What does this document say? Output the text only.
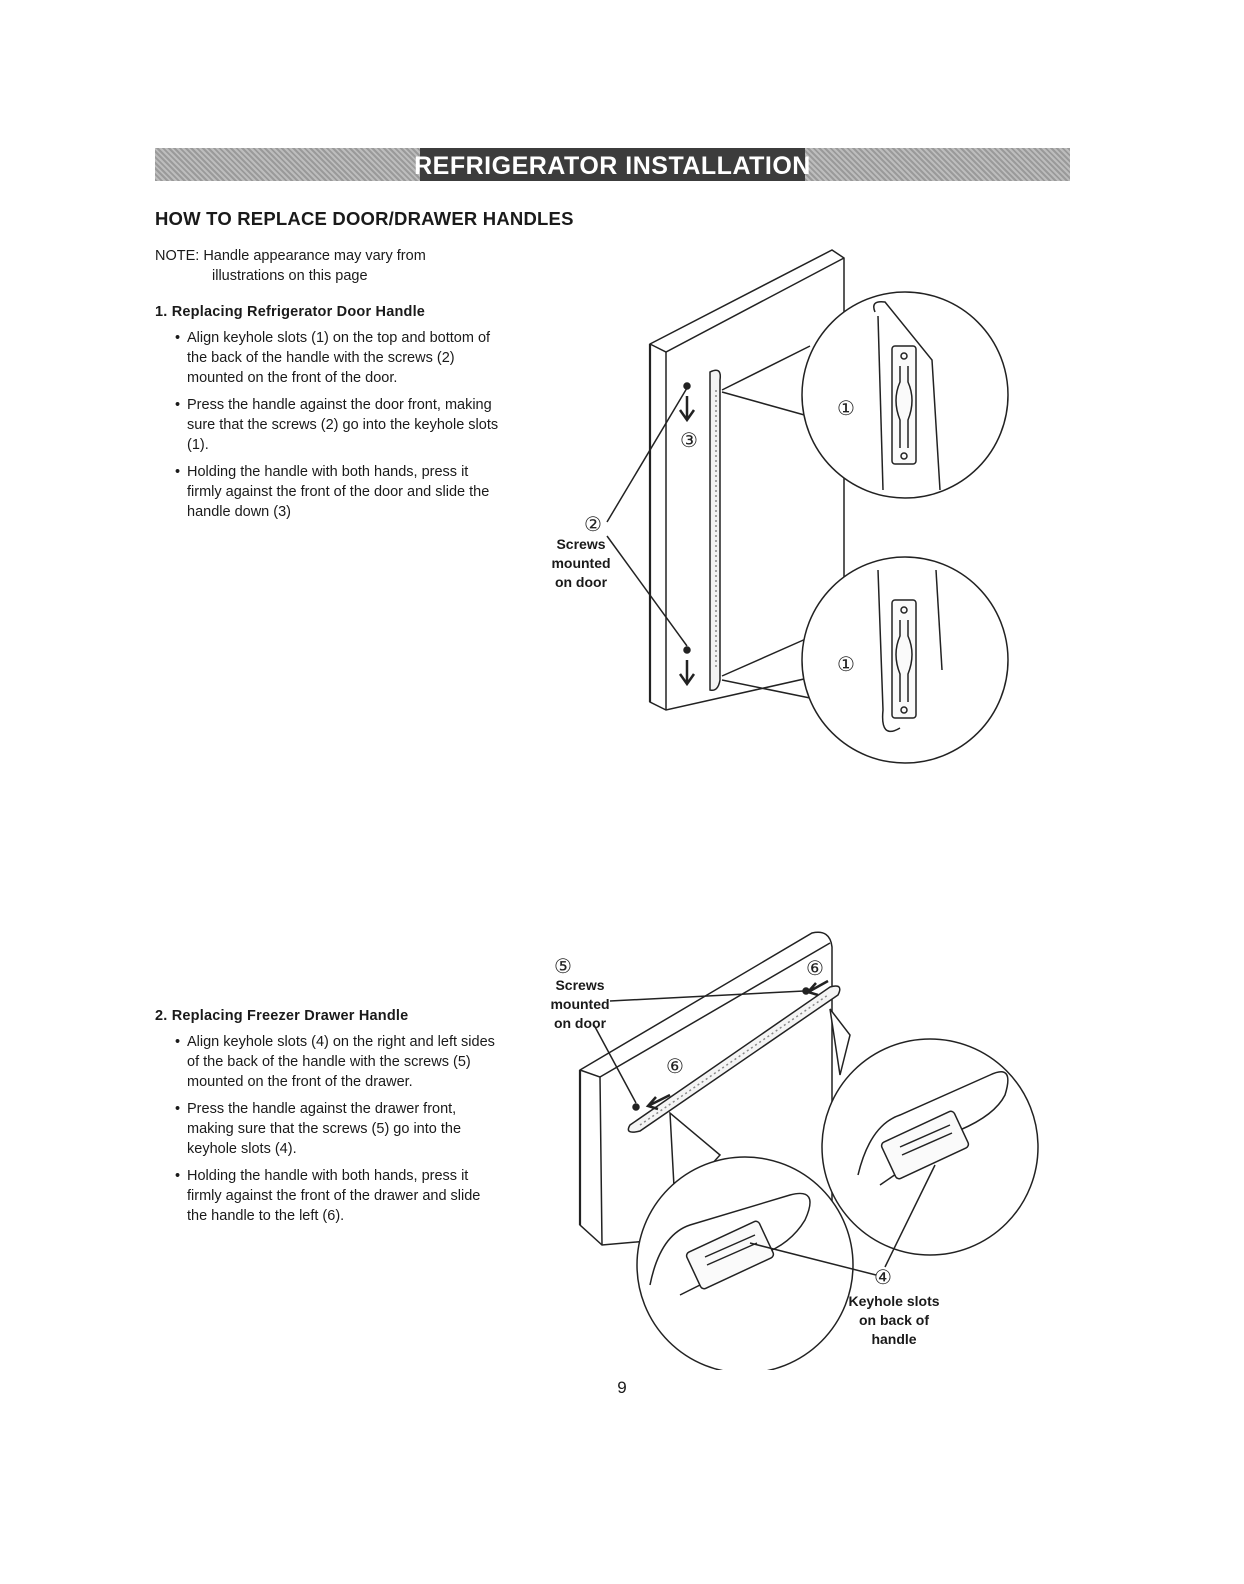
REFRIGERATOR INSTALLATION
HOW TO REPLACE DOOR/DRAWER HANDLES
NOTE: Handle appearance may vary from
illustrations on this page
1. Replacing Refrigerator Door Handle
• Align keyhole slots (1) on the top and bottom of the back of the handle with the screws (2) mounted on the front of the door.
• Press the handle against the door front, making sure that the screws (2) go into the keyhole slots (1).
• Holding the handle with both hands, press it firmly against the front of the door and slide the handle down (3)
2. Replacing Freezer Drawer Handle
• Align keyhole slots (4) on the right and left sides of the back of the handle with the screws (5) mounted on the front of the drawer.
• Press the handle against the drawer front, making sure that the screws (5) go into the keyhole slots (4).
• Holding the handle with both hands, press it firmly against the front of the drawer and slide the handle to the left (6).
①
①
③
②
Screws
mounted
on door
⑤	⑥
⑥
④
Screws
mounted
on door
Keyhole slots
on back of
handle
9
